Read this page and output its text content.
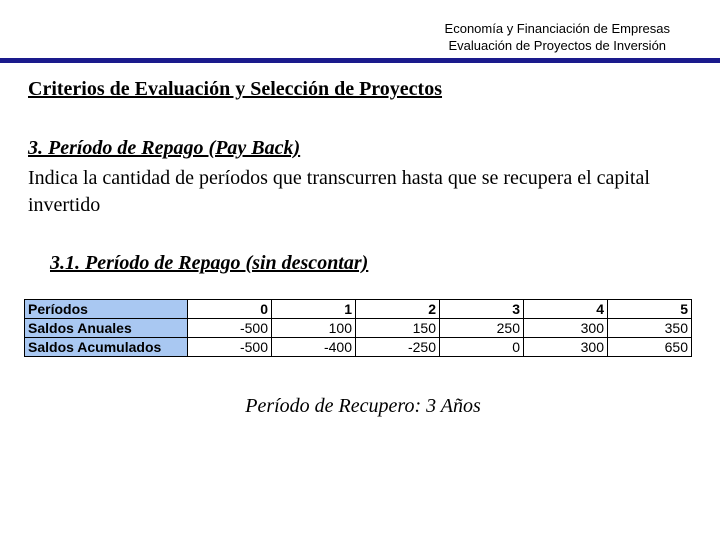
Economía y Financiación de Empresas
Evaluación de Proyectos de Inversión
Criterios de Evaluación y Selección de Proyectos
3. Período de Repago (Pay Back)
Indica la cantidad de períodos que transcurren hasta que se recupera el capital invertido
3.1. Período de Repago (sin descontar)
Períodos	0	1	2	3	4	5
Saldos Anuales	-500	100	150	250	300	350
Saldos Acumulados	-500	-400	-250	0	300	650
Período de Recupero: 3 Años
